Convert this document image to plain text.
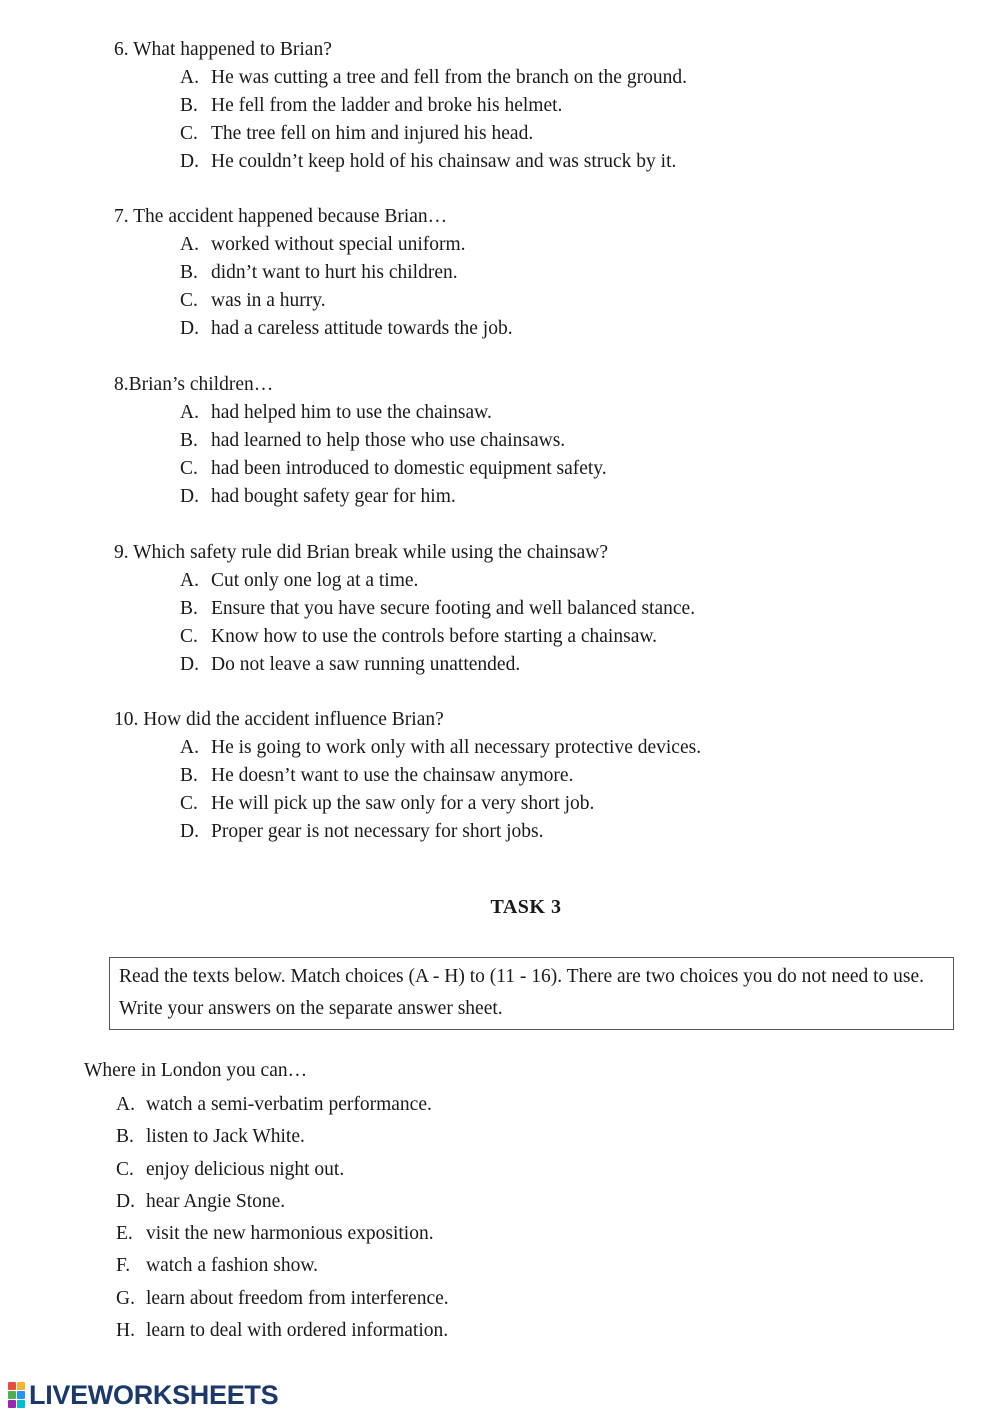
6. What happened to Brian?
A. He was cutting a tree and fell from the branch on the ground.
B. He fell from the ladder and broke his helmet.
C. The tree fell on him and injured his head.
D. He couldn’t keep hold of his chainsaw and was struck by it.
7. The accident happened because Brian…
A. worked without special uniform.
B. didn’t want to hurt his children.
C. was in a hurry.
D. had a careless attitude towards the job.
8.Brian’s children…
A. had helped him to use the chainsaw.
B. had learned to help those who use chainsaws.
C. had been introduced to domestic equipment safety.
D. had bought safety gear for him.
9. Which safety rule did Brian break while using the chainsaw?
A. Cut only one log at a time.
B. Ensure that you have secure footing and well balanced stance.
C. Know how to use the controls before starting a chainsaw.
D. Do not leave a saw running unattended.
10. How did the accident influence Brian?
A. He is going to work only with all necessary protective devices.
B. He doesn’t want to use the chainsaw anymore.
C. He will pick up the saw only for a very short job.
D. Proper gear is not necessary for short jobs.
TASK 3
Read the texts below. Match choices (A - H) to (11 - 16). There are two choices you do not need to use. Write your answers on the separate answer sheet.
Where in London you can…
A. watch a semi-verbatim performance.
B. listen to Jack White.
C. enjoy delicious night out.
D. hear Angie Stone.
E. visit the new harmonious exposition.
F. watch a fashion show.
G. learn about freedom from interference.
H. learn to deal with ordered information.
LIVEWORKSHEETS
